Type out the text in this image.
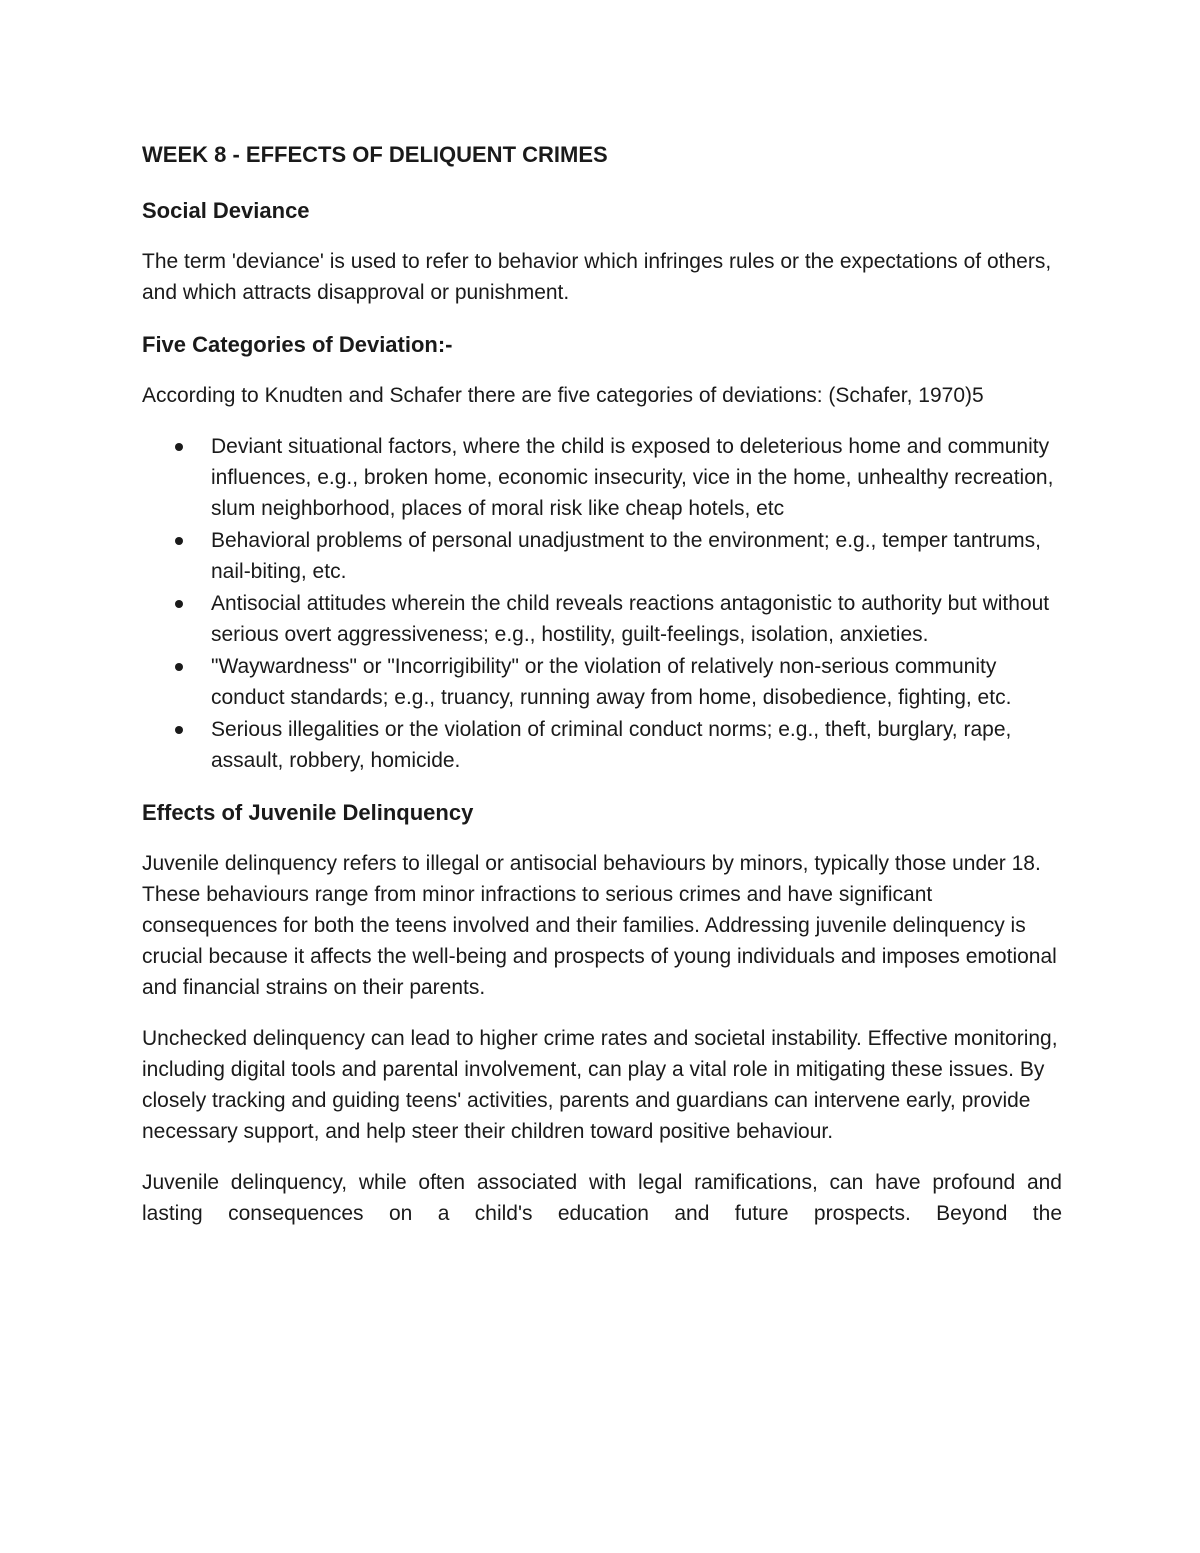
WEEK 8 - EFFECTS OF DELIQUENT CRIMES
Social Deviance

The term 'deviance' is used to refer to behavior which infringes rules or the expectations of others, and which attracts disapproval or punishment.

Five Categories of Deviation:-

According to Knudten and Schafer there are five categories of deviations: (Schafer, 1970)5

Deviant situational factors, where the child is exposed to deleterious home and community influences, e.g., broken home, economic insecurity, vice in the home, unhealthy recreation, slum neighborhood, places of moral risk like cheap hotels, etc
Behavioral problems of personal unadjustment to the environment; e.g., temper tantrums, nail-biting, etc.
Antisocial attitudes wherein the child reveals reactions antagonistic to authority but without serious overt aggressiveness; e.g., hostility, guilt-feelings, isolation, anxieties.
"Waywardness" or "Incorrigibility" or the violation of relatively non-serious community conduct standards; e.g., truancy, running away from home, disobedience, fighting, etc.
Serious illegalities or the violation of criminal conduct norms; e.g., theft, burglary, rape, assault, robbery, homicide.
Effects of Juvenile Delinquency

Juvenile delinquency refers to illegal or antisocial behaviours by minors, typically those under 18. These behaviours range from minor infractions to serious crimes and have significant consequences for both the teens involved and their families. Addressing juvenile delinquency is crucial because it affects the well-being and prospects of young individuals and imposes emotional and financial strains on their parents.

Unchecked delinquency can lead to higher crime rates and societal instability. Effective monitoring, including digital tools and parental involvement, can play a vital role in mitigating these issues. By closely tracking and guiding teens' activities, parents and guardians can intervene early, provide necessary support, and help steer their children toward positive behaviour.

Juvenile delinquency, while often associated with legal ramifications, can have profound and lasting consequences on a child's education and future prospects. Beyond the
